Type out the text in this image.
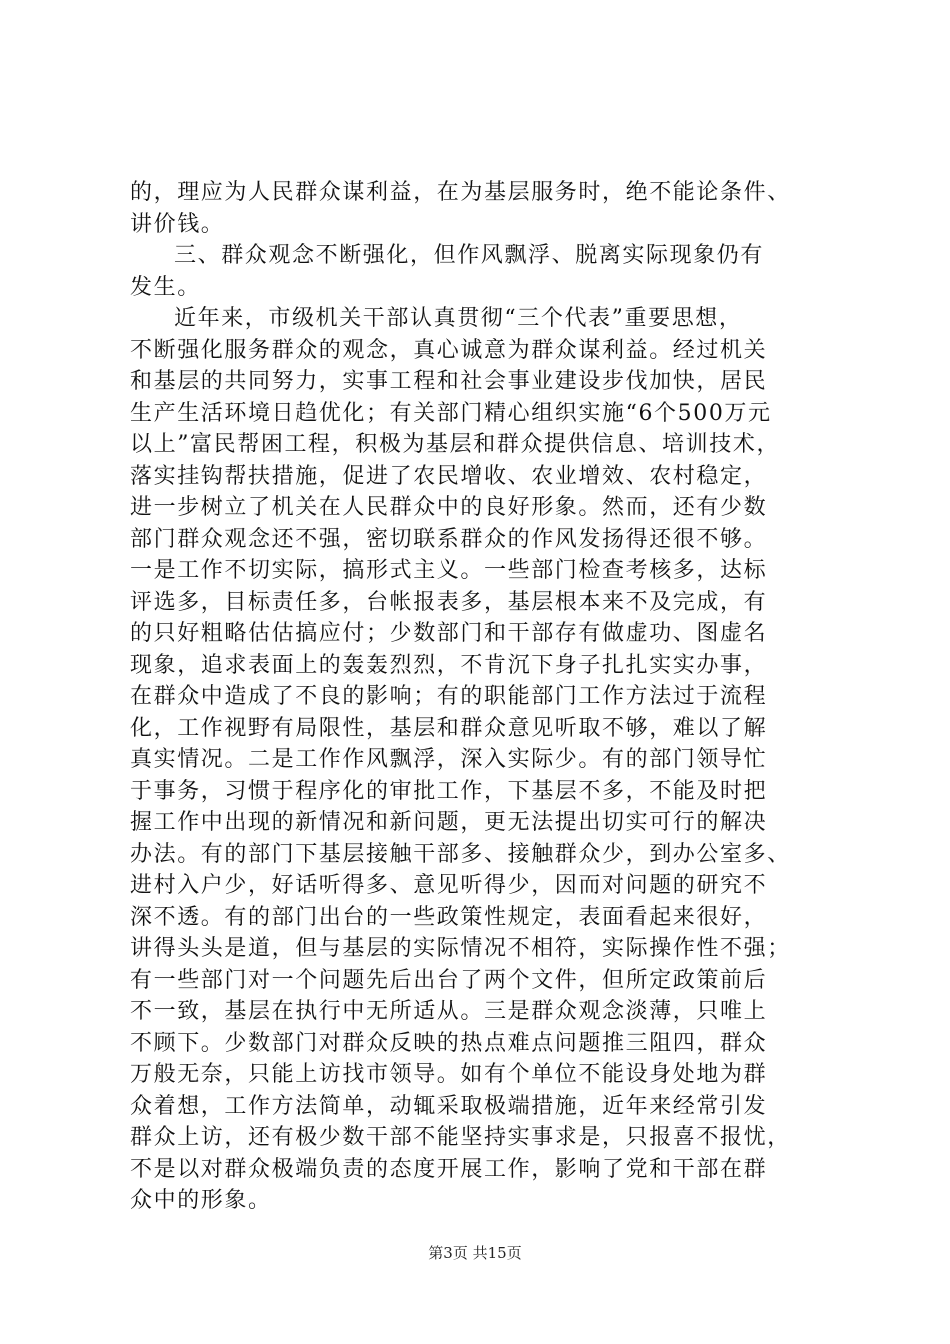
的，理应为人民群众谋利益，在为基层服务时，绝不能论条件、
讲价钱。
三、群众观念不断强化，但作风飘浮、脱离实际现象仍有
发生。
近年来，市级机关干部认真贯彻“三个代表”重要思想，
不断强化服务群众的观念，真心诚意为群众谋利益。经过机关
和基层的共同努力，实事工程和社会事业建设步伐加快，居民
生产生活环境日趋优化；有关部门精心组织实施“6个500万元
以上”富民帮困工程，积极为基层和群众提供信息、培训技术，
落实挂钩帮扶措施，促进了农民增收、农业增效、农村稳定，
进一步树立了机关在人民群众中的良好形象。然而，还有少数
部门群众观念还不强，密切联系群众的作风发扬得还很不够。
一是工作不切实际，搞形式主义。一些部门检查考核多，达标
评选多，目标责任多，台帐报表多，基层根本来不及完成，有
的只好粗略估估搞应付；少数部门和干部存有做虚功、图虚名
现象，追求表面上的轰轰烈烈，不肯沉下身子扎扎实实办事，
在群众中造成了不良的影响；有的职能部门工作方法过于流程
化，工作视野有局限性，基层和群众意见听取不够，难以了解
真实情况。二是工作作风飘浮，深入实际少。有的部门领导忙
于事务，习惯于程序化的审批工作，下基层不多，不能及时把
握工作中出现的新情况和新问题，更无法提出切实可行的解决
办法。有的部门下基层接触干部多、接触群众少，到办公室多、
进村入户少，好话听得多、意见听得少，因而对问题的研究不
深不透。有的部门出台的一些政策性规定，表面看起来很好，
讲得头头是道，但与基层的实际情况不相符，实际操作性不强；
有一些部门对一个问题先后出台了两个文件，但所定政策前后
不一致，基层在执行中无所适从。三是群众观念淡薄，只唯上
不顾下。少数部门对群众反映的热点难点问题推三阻四，群众
万般无奈，只能上访找市领导。如有个单位不能设身处地为群
众着想，工作方法简单，动辄采取极端措施，近年来经常引发
群众上访，还有极少数干部不能坚持实事求是，只报喜不报忧，
不是以对群众极端负责的态度开展工作，影响了党和干部在群
众中的形象。
第3页 共15页
